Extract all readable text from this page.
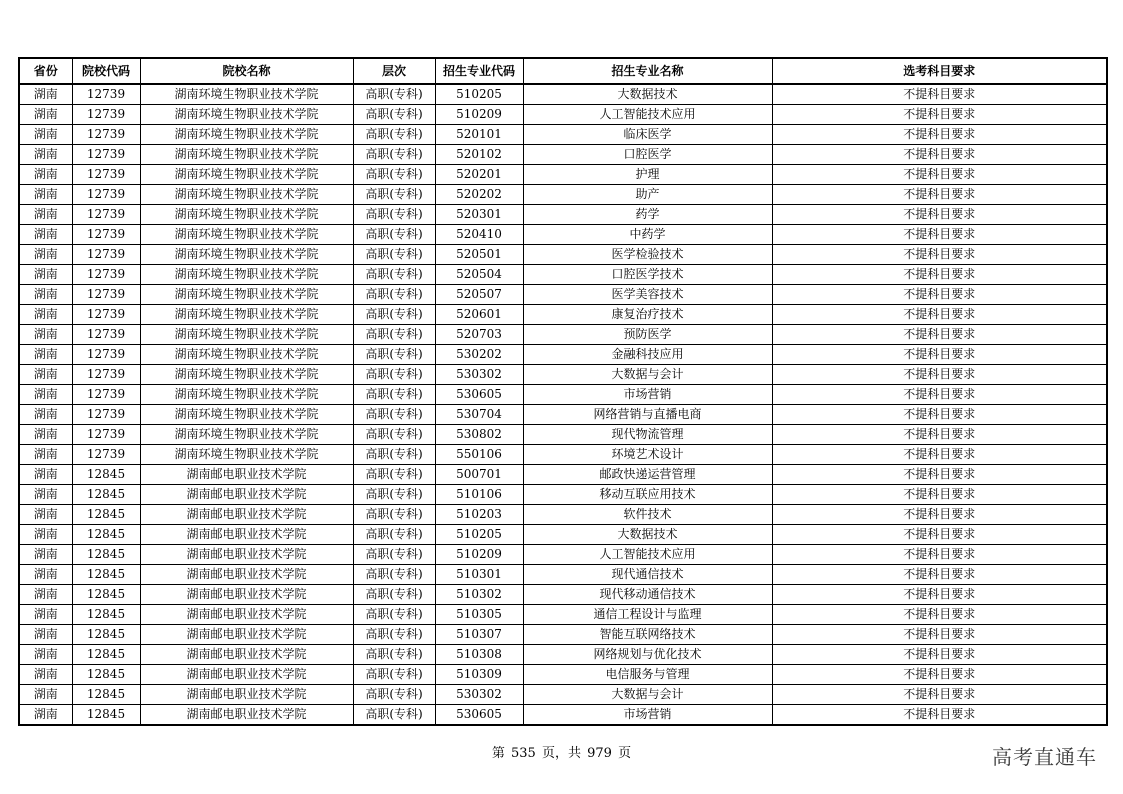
省份	院校代码	院校名称	层次	招生专业代码	招生专业名称	选考科目要求
湖南	12739	湖南环境生物职业技术学院	高职(专科)	510205	大数据技术	不提科目要求
湖南	12739	湖南环境生物职业技术学院	高职(专科)	510209	人工智能技术应用	不提科目要求
湖南	12739	湖南环境生物职业技术学院	高职(专科)	520101	临床医学	不提科目要求
湖南	12739	湖南环境生物职业技术学院	高职(专科)	520102	口腔医学	不提科目要求
湖南	12739	湖南环境生物职业技术学院	高职(专科)	520201	护理	不提科目要求
湖南	12739	湖南环境生物职业技术学院	高职(专科)	520202	助产	不提科目要求
湖南	12739	湖南环境生物职业技术学院	高职(专科)	520301	药学	不提科目要求
湖南	12739	湖南环境生物职业技术学院	高职(专科)	520410	中药学	不提科目要求
湖南	12739	湖南环境生物职业技术学院	高职(专科)	520501	医学检验技术	不提科目要求
湖南	12739	湖南环境生物职业技术学院	高职(专科)	520504	口腔医学技术	不提科目要求
湖南	12739	湖南环境生物职业技术学院	高职(专科)	520507	医学美容技术	不提科目要求
湖南	12739	湖南环境生物职业技术学院	高职(专科)	520601	康复治疗技术	不提科目要求
湖南	12739	湖南环境生物职业技术学院	高职(专科)	520703	预防医学	不提科目要求
湖南	12739	湖南环境生物职业技术学院	高职(专科)	530202	金融科技应用	不提科目要求
湖南	12739	湖南环境生物职业技术学院	高职(专科)	530302	大数据与会计	不提科目要求
湖南	12739	湖南环境生物职业技术学院	高职(专科)	530605	市场营销	不提科目要求
湖南	12739	湖南环境生物职业技术学院	高职(专科)	530704	网络营销与直播电商	不提科目要求
湖南	12739	湖南环境生物职业技术学院	高职(专科)	530802	现代物流管理	不提科目要求
湖南	12739	湖南环境生物职业技术学院	高职(专科)	550106	环境艺术设计	不提科目要求
湖南	12845	湖南邮电职业技术学院	高职(专科)	500701	邮政快递运营管理	不提科目要求
湖南	12845	湖南邮电职业技术学院	高职(专科)	510106	移动互联应用技术	不提科目要求
湖南	12845	湖南邮电职业技术学院	高职(专科)	510203	软件技术	不提科目要求
湖南	12845	湖南邮电职业技术学院	高职(专科)	510205	大数据技术	不提科目要求
湖南	12845	湖南邮电职业技术学院	高职(专科)	510209	人工智能技术应用	不提科目要求
湖南	12845	湖南邮电职业技术学院	高职(专科)	510301	现代通信技术	不提科目要求
湖南	12845	湖南邮电职业技术学院	高职(专科)	510302	现代移动通信技术	不提科目要求
湖南	12845	湖南邮电职业技术学院	高职(专科)	510305	通信工程设计与监理	不提科目要求
湖南	12845	湖南邮电职业技术学院	高职(专科)	510307	智能互联网络技术	不提科目要求
湖南	12845	湖南邮电职业技术学院	高职(专科)	510308	网络规划与优化技术	不提科目要求
湖南	12845	湖南邮电职业技术学院	高职(专科)	510309	电信服务与管理	不提科目要求
湖南	12845	湖南邮电职业技术学院	高职(专科)	530302	大数据与会计	不提科目要求
湖南	12845	湖南邮电职业技术学院	高职(专科)	530605	市场营销	不提科目要求
第 535 页，共 979 页	高考直通车
